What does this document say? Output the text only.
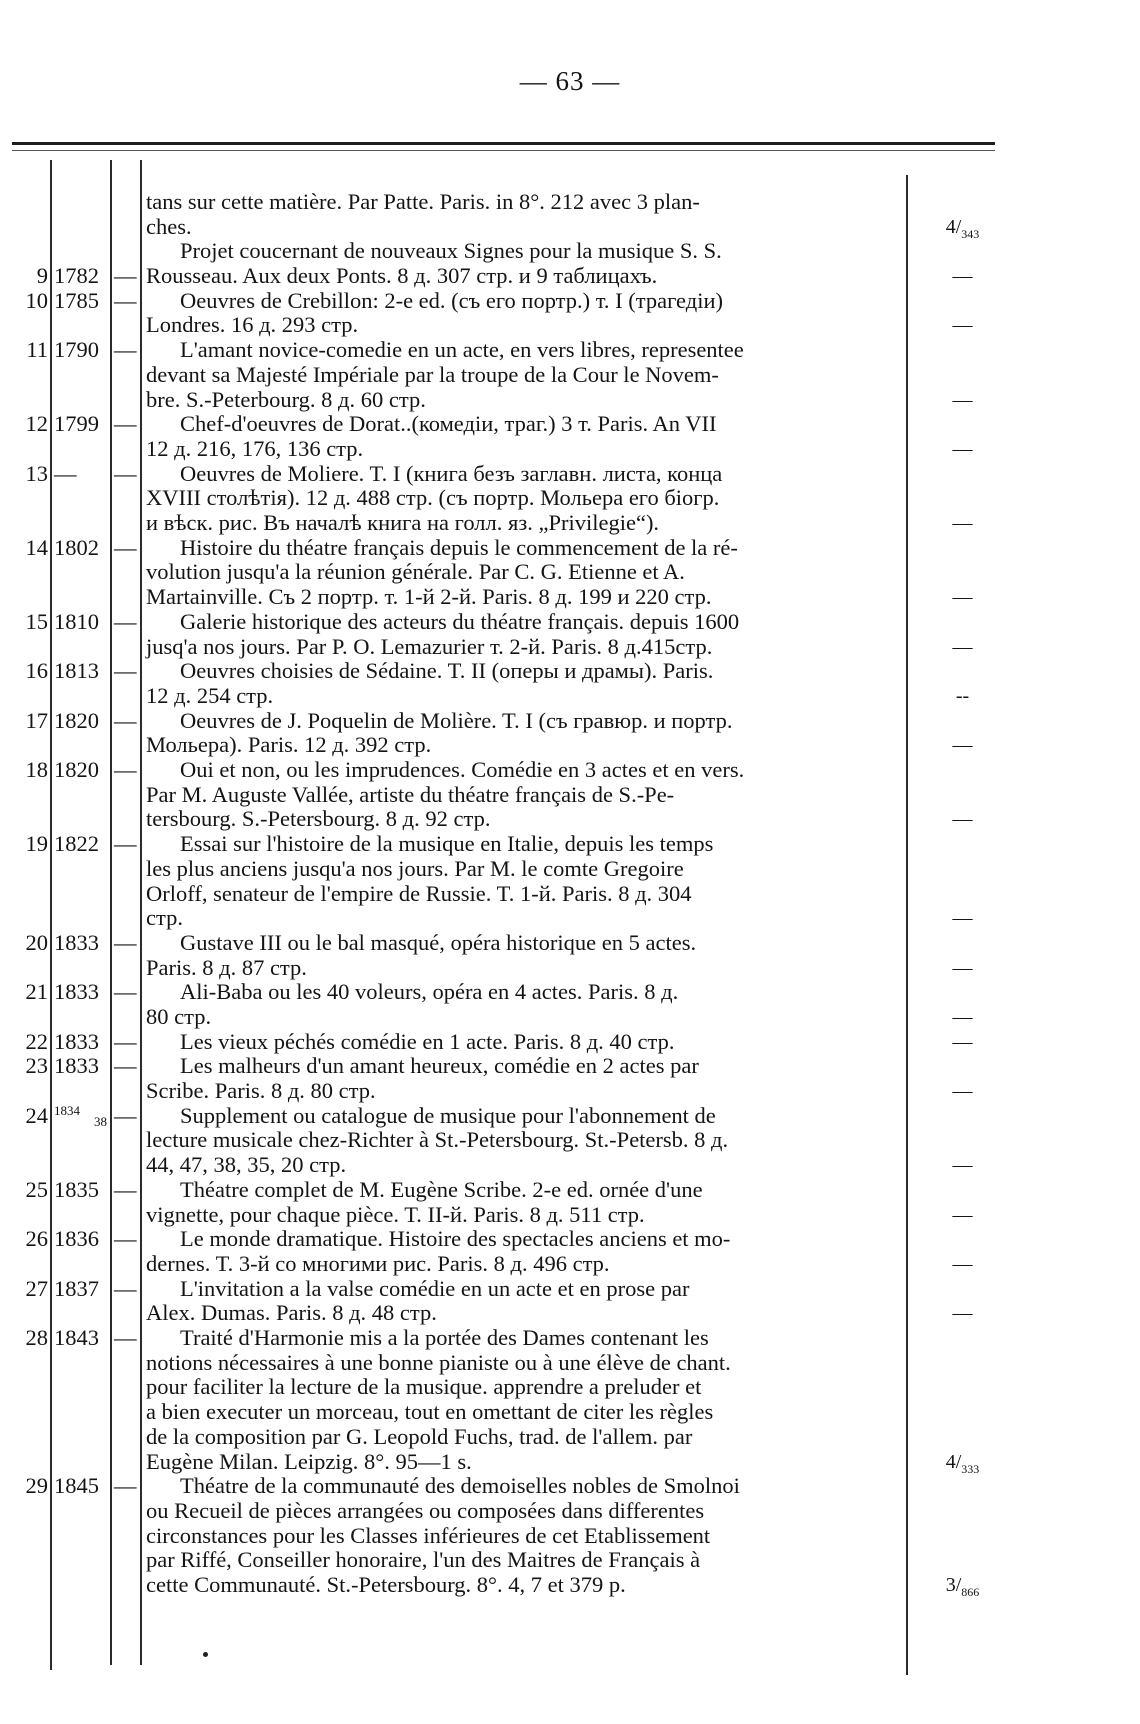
— 63 —
tans sur cette matière. Par Patte. Paris. in 8°. 212 avec 3 plan-
ches.	$4/_{343}$
9 1782 —
Projet coucernant de nouveaux Signes pour la musique S. S.
Rousseau. Aux deux Ponts. 8 д. 307 стр. и 9 таблицахъ.	—
10 1785 — Oeuvres de Crebillon: 2-e ed. (съ его портр.) т. I (трагедіи)
Londres. 16 д. 293 стр.	—
11 1790 — L'amant novice-comedie en un acte, en vers libres, representee
devant sa Majesté Impériale par la troupe de la Cour le Novem-
bre. S.-Peterbourg. 8 д. 60 стр.	—
12 1799 — Chef-d'oeuvres de Dorat..(комедіи, траг.) 3 т. Paris. An VII
12 д. 216, 176, 136 стр.	—
13 —	— Oeuvres de Moliere. T. I (книга безъ заглавн. листа, конца
XVIII столѣтія). 12 д. 488 стр. (съ портр. Мольера его біогр.
и вѣск. рис. Въ началѣ книга на голл. яз. „Privilegie“).	—
14 1802 — Histoire du théatre français depuis le commencement de la ré-
volution jusqu'a la réunion générale. Par C. G. Etienne et A.
Martainville. Съ 2 портр. т. 1-й 2-й. Paris. 8 д. 199 и 220 стр.	—
15 1810 — Galerie historique des acteurs du théatre français. depuis 1600
jusq'a nos jours. Par P. O. Lemazurier т. 2-й. Paris. 8 д.415стр.	—
16 1813 — Oeuvres choisies de Sédaine. T. II (оперы и драмы). Paris.
12 д. 254 стр.	--
17 1820 — Oeuvres de J. Poquelin de Molière. T. I (съ гравюр. и портр.
Мольера). Paris. 12 д. 392 стр.	—
18 1820 — Oui et non, ou les imprudences. Comédie en 3 actes et en vers.
Par M. Auguste Vallée, artiste du théatre français de S.-Pe-
tersbourg. S.-Petersbourg. 8 д. 92 стр.	—
19 1822 — Essai sur l'histoire de la musique en Italie, depuis les temps
les plus anciens jusqu'a nos jours. Par M. le comte Gregoire
Orloff, senateur de l'empire de Russie. T. 1-й. Paris. 8 д. 304
стр.	—
20 1833 — Gustave III ou le bal masqué, opéra historique en 5 actes.
Paris. 8 д. 87 стр.	—
21 1833 — Ali-Baba ou les 40 voleurs, opéra en 4 actes. Paris. 8 д.
80 стр.	—
22 1833 — Les vieux péchés comédie en 1 acte. Paris. 8 д. 40 стр.	—
23 1833 — Les malheurs d'un amant heureux, comédie en 2 actes par
Scribe. Paris. 8 д. 80 стр.	—
24 $^{1834}$38 — Supplement ou catalogue de musique pour l'abonnement de
lecture musicale chez-Richter à St.-Petersbourg. St.-Petersb. 8 д.
44, 47, 38, 35, 20 стр.	—
25 1835 — Théatre complet de M. Eugène Scribe. 2-e ed. ornée d'une
vignette, pour chaque pièce. T. II-й. Paris. 8 д. 511 стр.	—
26 1836 — Le monde dramatique. Histoire des spectacles anciens et mo-
dernes. T. 3-й со многими рис. Paris. 8 д. 496 стр.	—
27 1837 — L'invitation a la valse comédie en un acte et en prose par
Alex. Dumas. Paris. 8 д. 48 стр.	—
28 1843 — Traité d'Harmonie mis a la portée des Dames contenant les
notions nécessaires à une bonne pianiste ou à une élève de chant.
pour faciliter la lecture de la musique. apprendre a preluder et
a bien executer un morceau, tout en omettant de citer les règles
de la composition par G. Leopold Fuchs, trad. de l'allem. par
Eugène Milan. Leipzig. 8°. 95—1 s.	$4/_{333}$
29 1845 — Théatre de la communauté des demoiselles nobles de Smolnoi
ou Recueil de pièces arrangées ou composées dans differentes
circonstances pour les Classes inférieures de cet Etablissement
par Riffé, Conseiller honoraire, l'un des Maitres de Français à
cette Communauté. St.-Petersbourg. 8°. 4, 7 et 379 p.	$3/_{866}$
